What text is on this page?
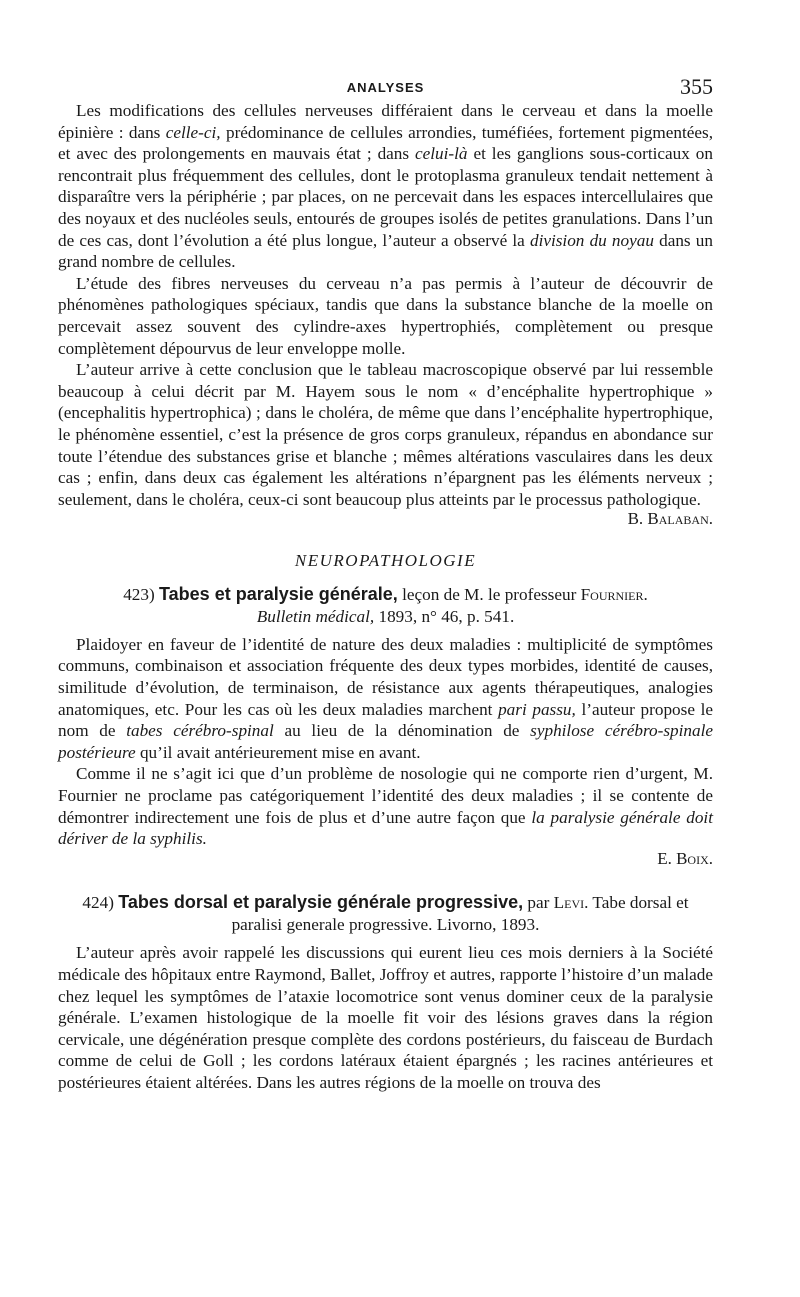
ANALYSES	355

Les modifications des cellules nerveuses différaient dans le cerveau et dans la moelle épinière : dans celle-ci, prédominance de cellules arrondies, tuméfiées, fortement pigmentées, et avec des prolongements en mauvais état ; dans celui-là et les ganglions sous-corticaux on rencontrait plus fréquemment des cellules, dont le protoplasma granuleux tendait nettement à disparaître vers la périphérie ; par places, on ne percevait dans les espaces intercellulaires que des noyaux et des nucléoles seuls, entourés de groupes isolés de petites granulations. Dans l’un de ces cas, dont l’évolution a été plus longue, l’auteur a observé la division du noyau dans un grand nombre de cellules.

L’étude des fibres nerveuses du cerveau n’a pas permis à l’auteur de découvrir de phénomènes pathologiques spéciaux, tandis que dans la substance blanche de la moelle on percevait assez souvent des cylindre-axes hypertrophiés, complètement ou presque complètement dépourvus de leur enveloppe molle.

L’auteur arrive à cette conclusion que le tableau macroscopique observé par lui ressemble beaucoup à celui décrit par M. Hayem sous le nom « d’encéphalite hypertrophique » (encephalitis hypertrophica) ; dans le choléra, de même que dans l’encéphalite hypertrophique, le phénomène essentiel, c’est la présence de gros corps granuleux, répandus en abondance sur toute l’étendue des substances grise et blanche ; mêmes altérations vasculaires dans les deux cas ; enfin, dans deux cas également les altérations n’épargnent pas les éléments nerveux ; seulement, dans le choléra, ceux-ci sont beaucoup plus atteints par le processus pathologique.

B. Balaban.
NEUROPATHOLOGIE
423) Tabes et paralysie générale, leçon de M. le professeur Fournier.
Bulletin médical, 1893, n° 46, p. 541.

Plaidoyer en faveur de l’identité de nature des deux maladies : multiplicité de symptômes communs, combinaison et association fréquente des deux types morbides, identité de causes, similitude d’évolution, de terminaison, de résistance aux agents thérapeutiques, analogies anatomiques, etc. Pour les cas où les deux maladies marchent pari passu, l’auteur propose le nom de tabes cérébro-spinal au lieu de la dénomination de syphilose cérébro-spinale postérieure qu’il avait antérieurement mise en avant.

Comme il ne s’agit ici que d’un problème de nosologie qui ne comporte rien d’urgent, M. Fournier ne proclame pas catégoriquement l’identité des deux maladies ; il se contente de démontrer indirectement une fois de plus et d’une autre façon que la paralysie générale doit dériver de la syphilis.

E. Boix.
424) Tabes dorsal et paralysie générale progressive, par Levi. Tabe dorsal et paralisi generale progressive. Livorno, 1893.

L’auteur après avoir rappelé les discussions qui eurent lieu ces mois derniers à la Société médicale des hôpitaux entre Raymond, Ballet, Joffroy et autres, rapporte l’histoire d’un malade chez lequel les symptômes de l’ataxie locomotrice sont venus dominer ceux de la paralysie générale. L’examen histologique de la moelle fit voir des lésions graves dans la région cervicale, une dégénération presque complète des cordons postérieurs, du faisceau de Burdach comme de celui de Goll ; les cordons latéraux étaient épargnés ; les racines antérieures et postérieures étaient altérées. Dans les autres régions de la moelle on trouva des
